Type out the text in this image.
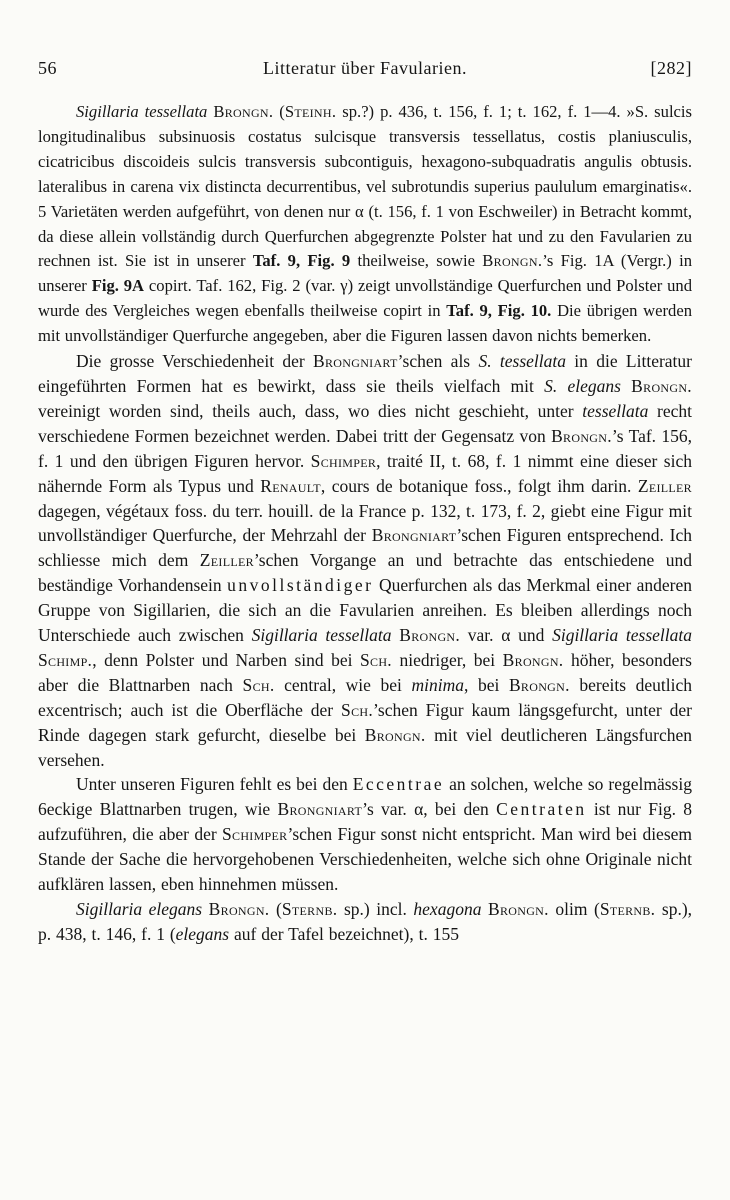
56	Litteratur über Favularien.	[282]

Sigillaria tessellata Brongn. (Steinh. sp.?) p. 436, t. 156, f. 1; t. 162, f. 1—4. »S. sulcis longitudinalibus subsinuosis costatus sulcisque transversis tessellatus, costis planiusculis, cicatricibus discoideis sulcis transversis subcontiguis, hexagono-subquadratis angulis obtusis. lateralibus in carena vix distincta decurrentibus, vel subrotundis superius paululum emarginatis«. 5 Varietäten werden aufgeführt, von denen nur α (t. 156, f. 1 von Eschweiler) in Betracht kommt, da diese allein vollständig durch Querfurchen abgegrenzte Polster hat und zu den Favularien zu rechnen ist. Sie ist in unserer Taf. 9, Fig. 9 theilweise, sowie Brongn.’s Fig. 1A (Vergr.) in unserer Fig. 9A copirt. Taf. 162, Fig. 2 (var. γ) zeigt unvollständige Querfurchen und Polster und wurde des Vergleiches wegen ebenfalls theilweise copirt in Taf. 9, Fig. 10. Die übrigen werden mit unvollständiger Querfurche angegeben, aber die Figuren lassen davon nichts bemerken.

Die grosse Verschiedenheit der Brongniart’schen als S. tessellata in die Litteratur eingeführten Formen hat es bewirkt, dass sie theils vielfach mit S. elegans Brongn. vereinigt worden sind, theils auch, dass, wo dies nicht geschieht, unter tessellata recht verschiedene Formen bezeichnet werden. Dabei tritt der Gegensatz von Brongn.’s Taf. 156, f. 1 und den übrigen Figuren hervor. Schimper, traité II, t. 68, f. 1 nimmt eine dieser sich nähernde Form als Typus und Renault, cours de botanique foss., folgt ihm darin. Zeiller dagegen, végétaux foss. du terr. houill. de la France p. 132, t. 173, f. 2, giebt eine Figur mit unvollständiger Querfurche, der Mehrzahl der Brongniart’schen Figuren entsprechend. Ich schliesse mich dem Zeiller’schen Vorgange an und betrachte das entschiedene und beständige Vorhandensein unvollständiger Querfurchen als das Merkmal einer anderen Gruppe von Sigillarien, die sich an die Favularien anreihen. Es bleiben allerdings noch Unterschiede auch zwischen Sigillaria tessellata Brongn. var. α und Sigillaria tessellata Schimp., denn Polster und Narben sind bei Sch. niedriger, bei Brongn. höher, besonders aber die Blattnarben nach Sch. central, wie bei minima, bei Brongn. bereits deutlich excentrisch; auch ist die Oberfläche der Sch.’schen Figur kaum längsgefurcht, unter der Rinde dagegen stark gefurcht, dieselbe bei Brongn. mit viel deutlicheren Längsfurchen versehen.

Unter unseren Figuren fehlt es bei den Eccentrae an solchen, welche so regelmässig 6eckige Blattnarben trugen, wie Brongniart’s var. α, bei den Centraten ist nur Fig. 8 aufzuführen, die aber der Schimper’schen Figur sonst nicht entspricht. Man wird bei diesem Stande der Sache die hervorgehobenen Verschiedenheiten, welche sich ohne Originale nicht aufklären lassen, eben hinnehmen müssen.

Sigillaria elegans Brongn. (Sternb. sp.) incl. hexagona Brongn. olim (Sternb. sp.), p. 438, t. 146, f. 1 (elegans auf der Tafel bezeichnet), t. 155
